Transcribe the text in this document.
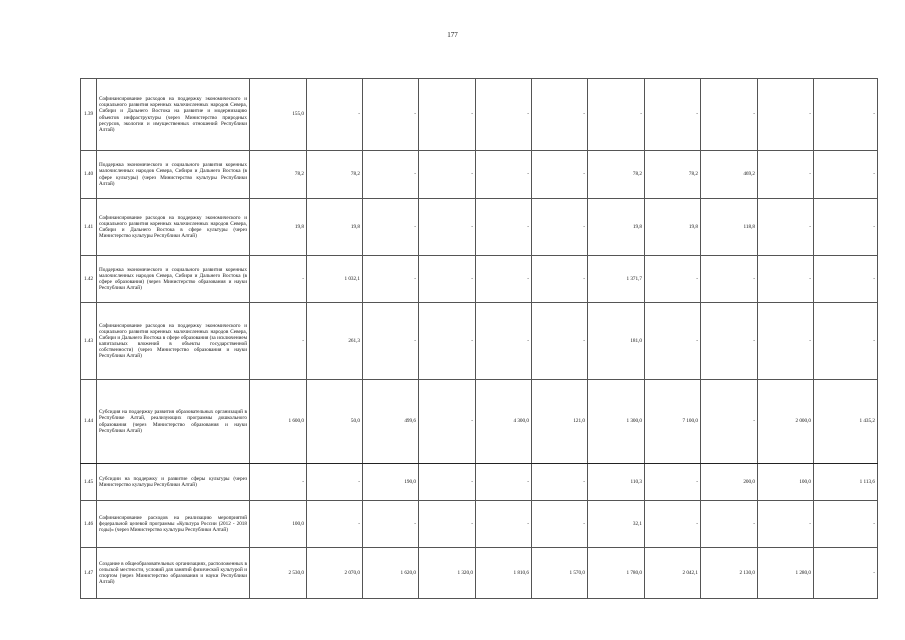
177
1.39	Софинансирование расходов на поддержку экономического и социального развития коренных малочисленных народов Севера, Сибири и Дальнего Востока на развитие и модернизацию объектов инфраструктуры (через Министерство природных ресурсов, экологии и имущественных отношений Республики Алтай)	155,0	-	-	-	-	-	-	-	-	-	-
1.40	Поддержка экономического и социального развития коренных малочисленных народов Севера, Сибири и Дальнего Востока (в сфере культуры) (через Министерство культуры Республики Алтай)	78,2	78,2	-	-	-	-	78,2	78,2	469,2	-	-
1.41	Софинансирование расходов на поддержку экономического и социального развития коренных малочисленных народов Севера, Сибири и Дальнего Востока в сфере культуры (через Министерство культуры Республики Алтай)	19,8	19,8	-	-	-	-	19,8	19,8	118,8	-	-
1.42	Поддержка экономического и социального развития коренных малочисленных народов Севера, Сибири и Дальнего Востока (в сфере образования) (через Министерство образования и науки Республики Алтай)	-	1 032,1	-	-	-	-	1 371,7	-	-	-	-
1.43	Софинансирование расходов на поддержку экономического и социального развития коренных малочисленных народов Севера, Сибири и Дальнего Востока в сфере образования (за исключением капитальных вложений в объекты государственной собственности) (через Министерство образования и науки Республики Алтай)	-	261,3	-	-	-	-	181,0	-	-	-	-
1.44	Субсидия на поддержку развития образовательных организаций в Республике Алтай, реализующих программы дошкольного образования (через Министерство образования и науки Республики Алтай)	1 600,0	50,0	499,6	-	4 300,0	121,0	1 300,0	7 100,0	-	2 000,0	1 435,2
1.45	Субсидии на поддержку и развитие сферы культуры (через Министерство культуры Республики Алтай)	-	-	190,0	-	-	-	110,3	-	200,0	100,0	1 113,6
1.46	Софинансирование расходов на реализацию мероприятий федеральной целевой программы «Культура России (2012 - 2018 годы)» (через Министерство культуры Республики Алтай)	100,0	-	-	-	-	-	32,1	-	-	-	-
1.47	Создание в общеобразовательных организациях, расположенных в сельской местности, условий для занятий физической культурой и спортом (через Министерство образования и науки Республики Алтай)	2 530,0	2 070,0	1 620,0	1 320,0	1 810,6	1 570,0	1 780,0	2 042,1	2 130,0	1 280,0	-
